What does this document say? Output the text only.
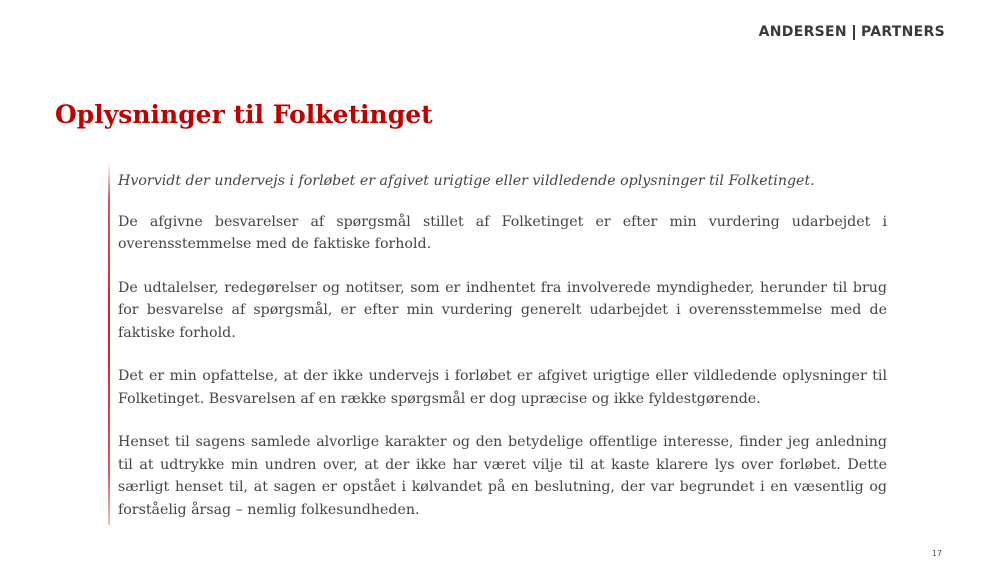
ANDERSEN PARTNERS
Oplysninger til Folketinget

Hvorvidt der undervejs i forløbet er afgivet urigtige eller vildledende oplysninger til Folketinget.

De afgivne besvarelser af spørgsmål stillet af Folketinget er efter min vurdering udarbejdet i overensstemmelse med de faktiske forhold.

De udtalelser, redegørelser og notitser, som er indhentet fra involverede myndigheder, herunder til brug for besvarelse af spørgsmål, er efter min vurdering generelt udarbejdet i overensstemmelse med de faktiske forhold.

Det er min opfattelse, at der ikke undervejs i forløbet er afgivet urigtige eller vildledende oplysninger til Folketinget. Besvarelsen af en række spørgsmål er dog upræcise og ikke fyldestgørende.

Henset til sagens samlede alvorlige karakter og den betydelige offentlige interesse, finder jeg anledning til at udtrykke min undren over, at der ikke har været vilje til at kaste klarere lys over forløbet. Dette særligt henset til, at sagen er opstået i kølvandet på en beslutning, der var begrundet i en væsentlig og forståelig årsag – nemlig folkesundheden.

17
